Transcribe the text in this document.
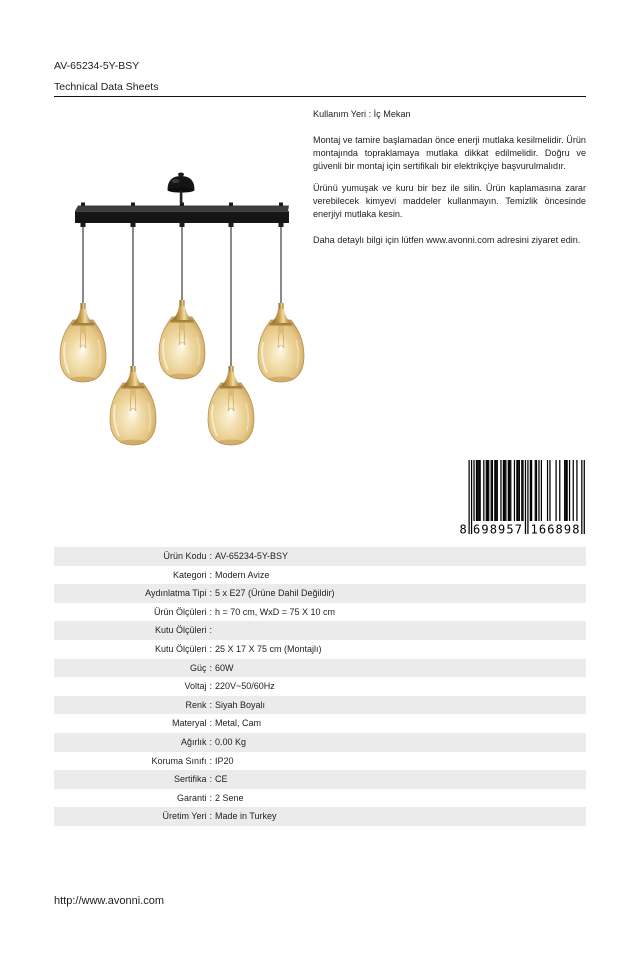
AV-65234-5Y-BSY
Technical Data Sheets
Kullanım Yeri : İç Mekan

Montaj ve tamire başlamadan önce enerji mutlaka kesilmelidir. Ürün montajında topraklamaya mutlaka dikkat edilmelidir. Doğru ve güvenli bir montaj için sertifikalı bir elektrikçiye başvurulmalıdır.

Ürünü yumuşak ve kuru bir bez ile silin. Ürün kaplamasına zarar verebilecek kimyevi maddeler kullanmayın. Temizlik öncesinde enerjiyi mutlaka kesin.

Daha detaylı bilgi için lütfen www.avonni.com adresini ziyaret edin.

8 698957 166898
Ürün Kodu : AV-65234-5Y-BSY
Kategori : Modern Avize
Aydınlatma Tipi : 5 x E27 (Ürüne Dahil Değildir)
Ürün Ölçüleri : h = 70 cm, WxD = 75 X 10 cm
Kutu Ölçüleri :
Kutu Ölçüleri : 25 X 17 X 75 cm (Montajlı)
Güç : 60W
Voltaj : 220V~50/60Hz
Renk : Siyah Boyalı
Materyal : Metal, Cam
Ağırlık : 0.00 Kg
Koruma Sınıfı : IP20
Sertifika : CE
Garanti : 2 Sene
Üretim Yeri : Made in Turkey
http://www.avonni.com
